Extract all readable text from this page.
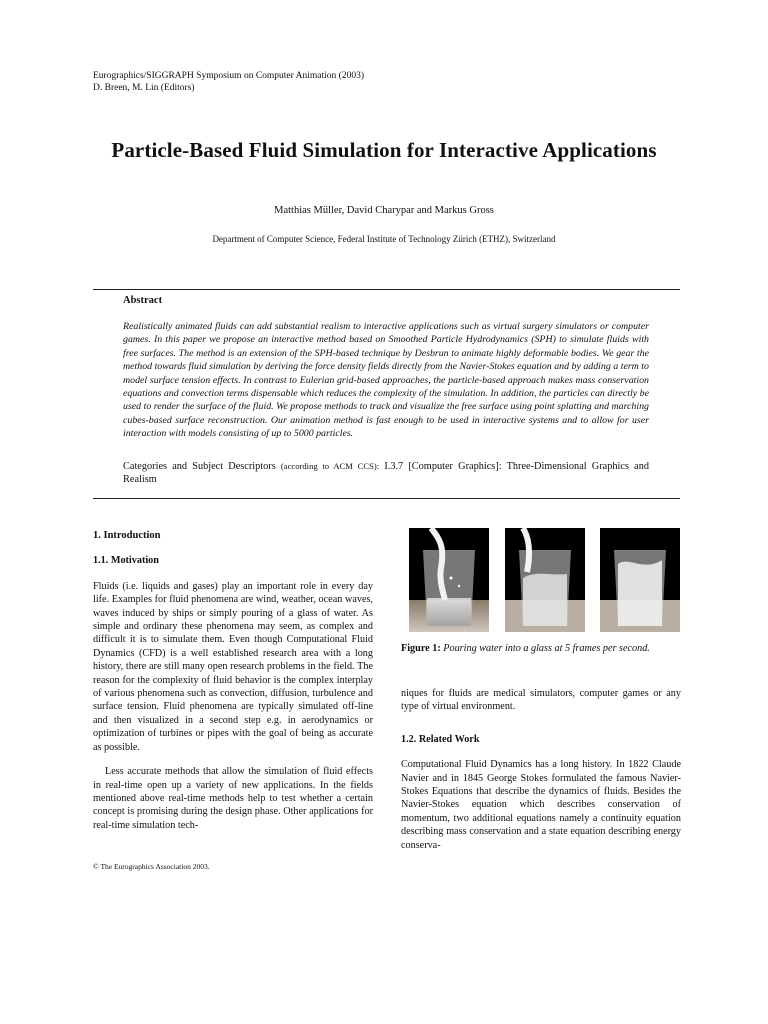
Eurographics/SIGGRAPH Symposium on Computer Animation (2003)
D. Breen, M. Lin (Editors)
Particle-Based Fluid Simulation for Interactive Applications
Matthias Müller, David Charypar and Markus Gross
Department of Computer Science, Federal Institute of Technology Zürich (ETHZ), Switzerland
Abstract
Realistically animated fluids can add substantial realism to interactive applications such as virtual surgery simulators or computer games. In this paper we propose an interactive method based on Smoothed Particle Hydrodynamics (SPH) to simulate fluids with free surfaces. The method is an extension of the SPH-based technique by Desbrun to animate highly deformable bodies. We gear the method towards fluid simulation by deriving the force density fields directly from the Navier-Stokes equation and by adding a term to model surface tension effects. In contrast to Eulerian grid-based approaches, the particle-based approach makes mass conservation equations and convection terms dispensable which reduces the complexity of the simulation. In addition, the particles can directly be used to render the surface of the fluid. We propose methods to track and visualize the free surface using point splatting and marching cubes-based surface reconstruction. Our animation method is fast enough to be used in interactive systems and to allow for user interaction with models consisting of up to 5000 particles.
Categories and Subject Descriptors (according to ACM CCS): I.3.7 [Computer Graphics]: Three-Dimensional Graphics and Realism

1. Introduction

1.1. Motivation

Fluids (i.e. liquids and gases) play an important role in every day life. Examples for fluid phenomena are wind, weather, ocean waves, waves induced by ships or simply pouring of a glass of water. As simple and ordinary these phenomena may seem, as complex and difficult it is to simulate them. Even though Computational Fluid Dynamics (CFD) is a well established research area with a long history, there are still many open research problems in the field. The reason for the complexity of fluid behavior is the complex interplay of various phenomena such as convection, diffusion, turbulence and surface tension. Fluid phenomena are typically simulated off-line and then visualized in a second step e.g. in aerodynamics or optimization of turbines or pipes with the goal of being as accurate as possible.

Less accurate methods that allow the simulation of fluid effects in real-time open up a variety of new applications. In the fields mentioned above real-time methods help to test whether a certain concept is promising during the design phase. Other applications for real-time simulation tech-

Figure 1: Pouring water into a glass at 5 frames per second.

niques for fluids are medical simulators, computer games or any type of virtual environment.

1.2. Related Work

Computational Fluid Dynamics has a long history. In 1822 Claude Navier and in 1845 George Stokes formulated the famous Navier-Stokes Equations that describe the dynamics of fluids. Besides the Navier-Stokes equation which describes conservation of momentum, two additional equations namely a continuity equation describing mass conservation and a state equation describing energy conserva-

© The Eurographics Association 2003.
